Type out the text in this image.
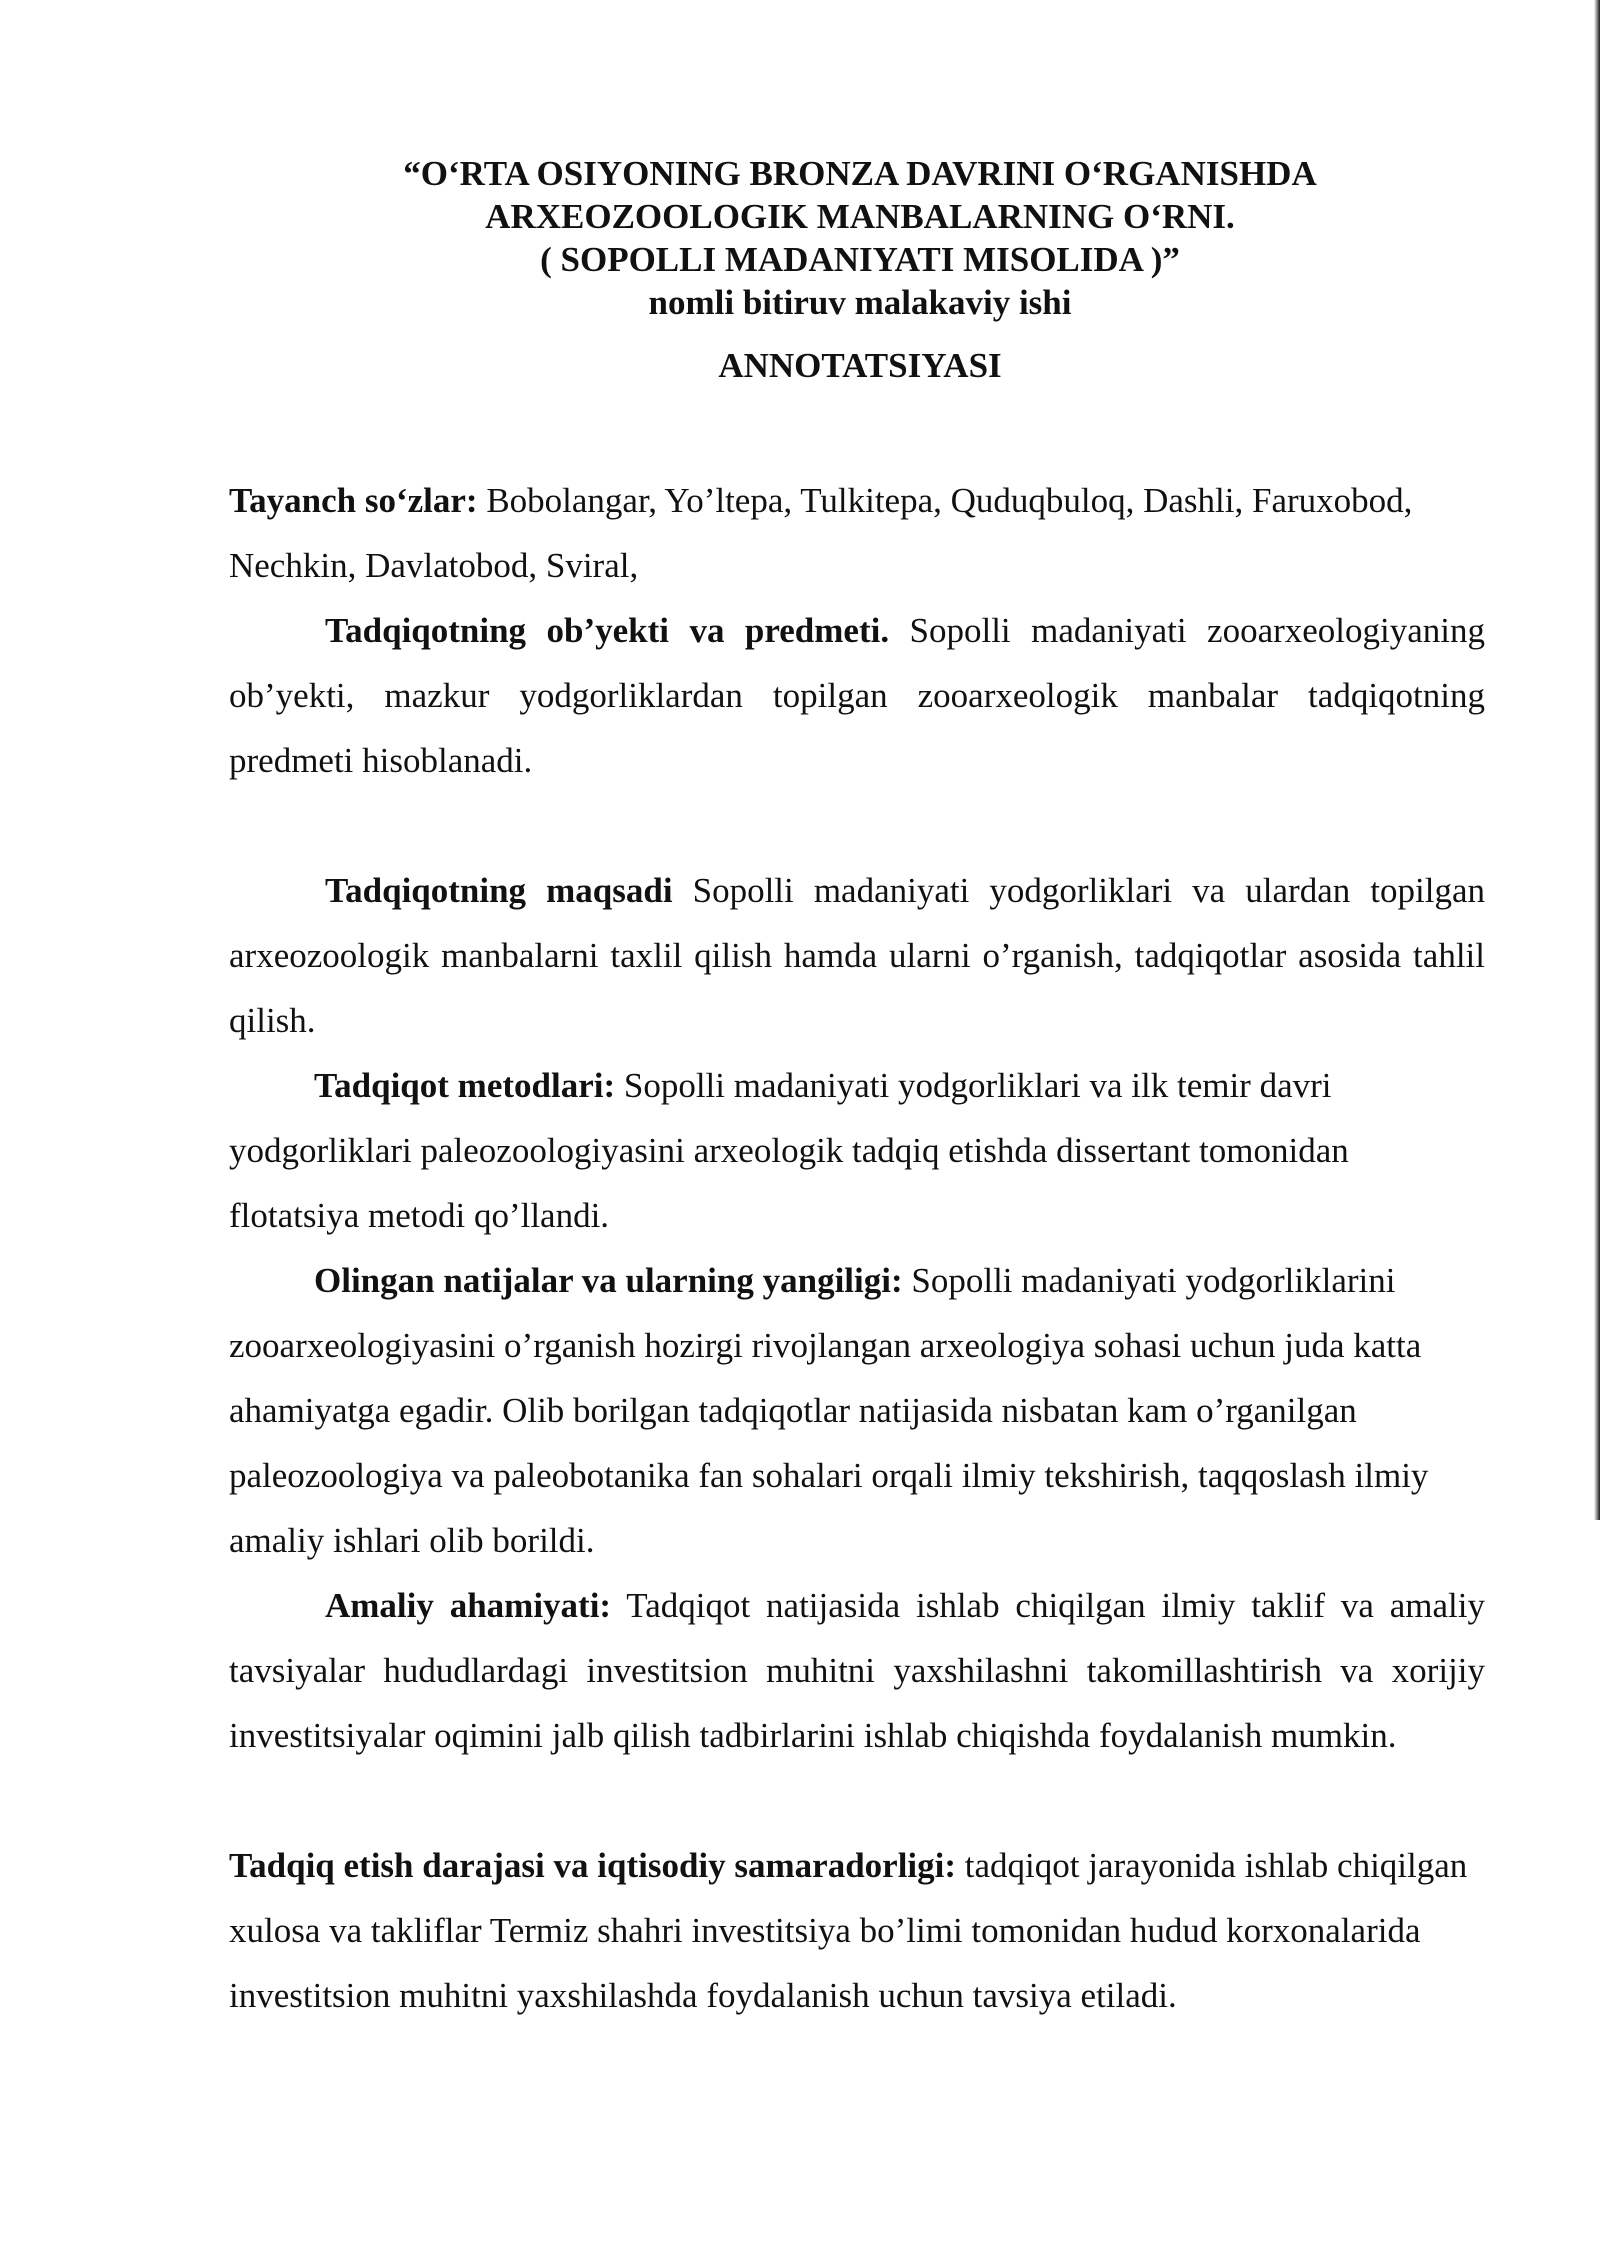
“O‘RTA OSIYONING BRONZA DAVRINI O‘RGANISHDA
ARXEOZOOLOGIK MANBALARNING O‘RNI.
( SOPOLLI MADANIYATI MISOLIDA )”
nomli bitiruv malakaviy ishi
ANNOTATSIYASI

Tayanch so‘zlar: Bobolangar, Yo’ltepa, Tulkitepa, Quduqbuloq, Dashli, Faruxobod, Nechkin, Davlatobod, Sviral,

Tadqiqotning ob’yekti va predmeti. Sopolli madaniyati zooarxeologiyaning ob’yekti, mazkur yodgorliklardan topilgan zooarxeologik manbalar tadqiqotning predmeti hisoblanadi.

Tadqiqotning maqsadi Sopolli madaniyati yodgorliklari va ulardan topilgan arxeozoologik manbalarni taxlil qilish hamda ularni o’rganish, tadqiqotlar asosida tahlil qilish.

Tadqiqot metodlari: Sopolli madaniyati yodgorliklari va ilk temir davri yodgorliklari paleozoologiyasini arxeologik tadqiq etishda dissertant tomonidan flotatsiya metodi qo’llandi.

Olingan natijalar va ularning yangiligi: Sopolli madaniyati yodgorliklarini zooarxeologiyasini o’rganish hozirgi rivojlangan arxeologiya sohasi uchun juda katta ahamiyatga egadir. Olib borilgan tadqiqotlar natijasida nisbatan kam o’rganilgan paleozoologiya va paleobotanika fan sohalari orqali ilmiy tekshirish, taqqoslash ilmiy amaliy ishlari olib borildi.

Amaliy ahamiyati: Tadqiqot natijasida ishlab chiqilgan ilmiy taklif va amaliy tavsiyalar hududlardagi investitsion muhitni yaxshilashni takomillashtirish va xorijiy investitsiyalar oqimini jalb qilish tadbirlarini ishlab chiqishda foydalanish mumkin.

Tadqiq etish darajasi va iqtisodiy samaradorligi: tadqiqot jarayonida ishlab chiqilgan xulosa va takliflar Termiz shahri investitsiya bo’limi tomonidan hudud korxonalarida investitsion muhitni yaxshilashda foydalanish uchun tavsiya etiladi.
